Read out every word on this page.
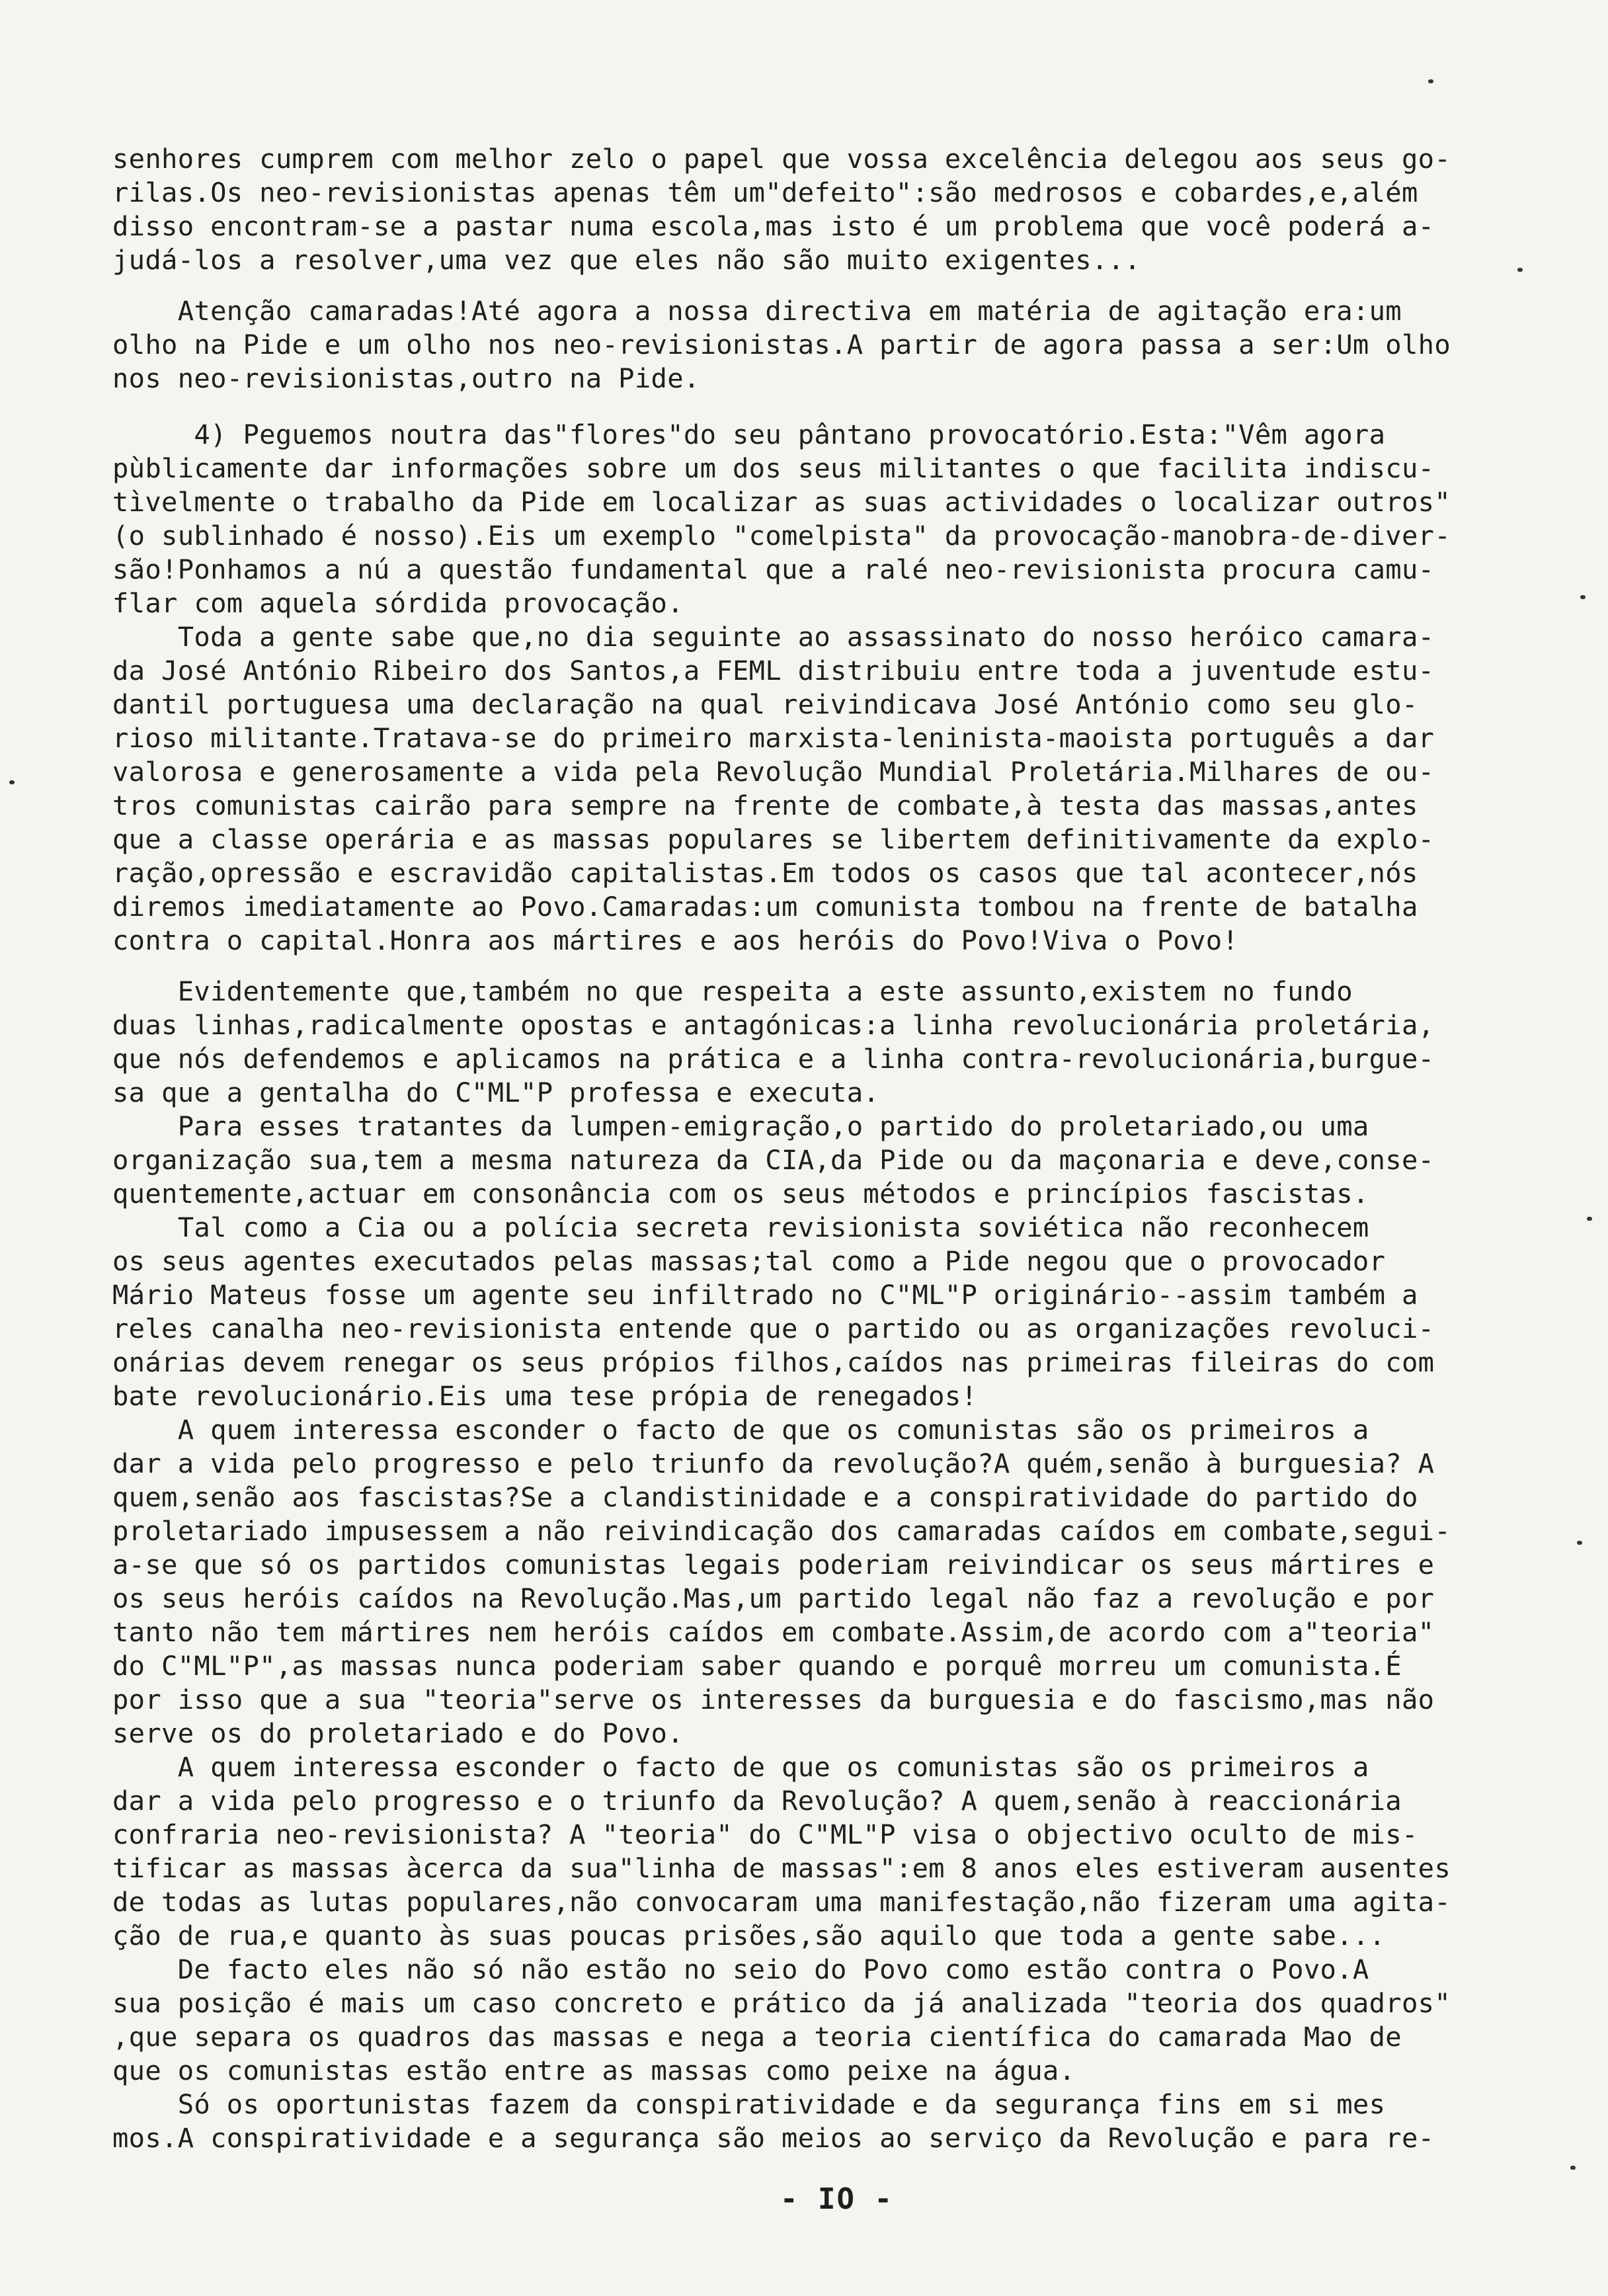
senhores cumprem com melhor zelo o papel que vossa excelência delegou aos seus go-
rilas.Os neo-revisionistas apenas têm um"defeito":são medrosos e cobardes,e,além
disso encontram-se a pastar numa escola,mas isto é um problema que você poderá a-
judá-los a resolver,uma vez que eles não são muito exigentes...
Atenção camaradas!Até agora a nossa directiva em matéria de agitação era:um
olho na Pide e um olho nos neo-revisionistas.A partir de agora passa a ser:Um olho
nos neo-revisionistas,outro na Pide.
4) Peguemos noutra das"flores"do seu pântano provocatório.Esta:"Vêm agora
pùblicamente dar informações sobre um dos seus militantes o que facilita indiscu-
tìvelmente o trabalho da Pide em localizar as suas actividades o localizar outros"
(o sublinhado é nosso).Eis um exemplo "comelpista" da provocação-manobra-de-diver-
são!Ponhamos a nú a questão fundamental que a ralé neo-revisionista procura camu-
flar com aquela sórdida provocação.
Toda a gente sabe que,no dia seguinte ao assassinato do nosso heróico camara-
da José António Ribeiro dos Santos,a FEML distribuiu entre toda a juventude estu-
dantil portuguesa uma declaração na qual reivindicava José António como seu glo-
rioso militante.Tratava-se do primeiro marxista-leninista-maoista português a dar
valorosa e generosamente a vida pela Revolução Mundial Proletária.Milhares de ou-
tros comunistas cairão para sempre na frente de combate,à testa das massas,antes
que a classe operária e as massas populares se libertem definitivamente da explo-
ração,opressão e escravidão capitalistas.Em todos os casos que tal acontecer,nós
diremos imediatamente ao Povo.Camaradas:um comunista tombou na frente de batalha
contra o capital.Honra aos mártires e aos heróis do Povo!Viva o Povo!
Evidentemente que,também no que respeita a este assunto,existem no fundo
duas linhas,radicalmente opostas e antagónicas:a linha revolucionária proletária,
que nós defendemos e aplicamos na prática e a linha contra-revolucionária,burgue-
sa que a gentalha do C"ML"P professa e executa.
Para esses tratantes da lumpen-emigração,o partido do proletariado,ou uma
organização sua,tem a mesma natureza da CIA,da Pide ou da maçonaria e deve,conse-
quentemente,actuar em consonância com os seus métodos e princípios fascistas.
Tal como a Cia ou a polícia secreta revisionista soviética não reconhecem
os seus agentes executados pelas massas;tal como a Pide negou que o provocador
Mário Mateus fosse um agente seu infiltrado no C"ML"P originário--assim também a
reles canalha neo-revisionista entende que o partido ou as organizações revoluci-
onárias devem renegar os seus própios filhos,caídos nas primeiras fileiras do com
bate revolucionário.Eis uma tese própia de renegados!
A quem interessa esconder o facto de que os comunistas são os primeiros a
dar a vida pelo progresso e pelo triunfo da revolução?A quém,senão à burguesia? A
quem,senão aos fascistas?Se a clandistinidade e a conspiratividade do partido do
proletariado impusessem a não reivindicação dos camaradas caídos em combate,segui-
a-se que só os partidos comunistas legais poderiam reivindicar os seus mártires e
os seus heróis caídos na Revolução.Mas,um partido legal não faz a revolução e por
tanto não tem mártires nem heróis caídos em combate.Assim,de acordo com a"teoria"
do C"ML"P",as massas nunca poderiam saber quando e porquê morreu um comunista.É
por isso que a sua "teoria"serve os interesses da burguesia e do fascismo,mas não
serve os do proletariado e do Povo.
A quem interessa esconder o facto de que os comunistas são os primeiros a
dar a vida pelo progresso e o triunfo da Revolução? A quem,senão à reaccionária
confraria neo-revisionista? A "teoria" do C"ML"P visa o objectivo oculto de mis-
tificar as massas àcerca da sua"linha de massas":em 8 anos eles estiveram ausentes
de todas as lutas populares,não convocaram uma manifestação,não fizeram uma agita-
ção de rua,e quanto às suas poucas prisões,são aquilo que toda a gente sabe...
De facto eles não só não estão no seio do Povo como estão contra o Povo.A
sua posição é mais um caso concreto e prático da já analizada "teoria dos quadros"
,que separa os quadros das massas e nega a teoria científica do camarada Mao de
que os comunistas estão entre as massas como peixe na água.
Só os oportunistas fazem da conspiratividade e da segurança fins em si mes
mos.A conspiratividade e a segurança são meios ao serviço da Revolução e para re-
- IO -
